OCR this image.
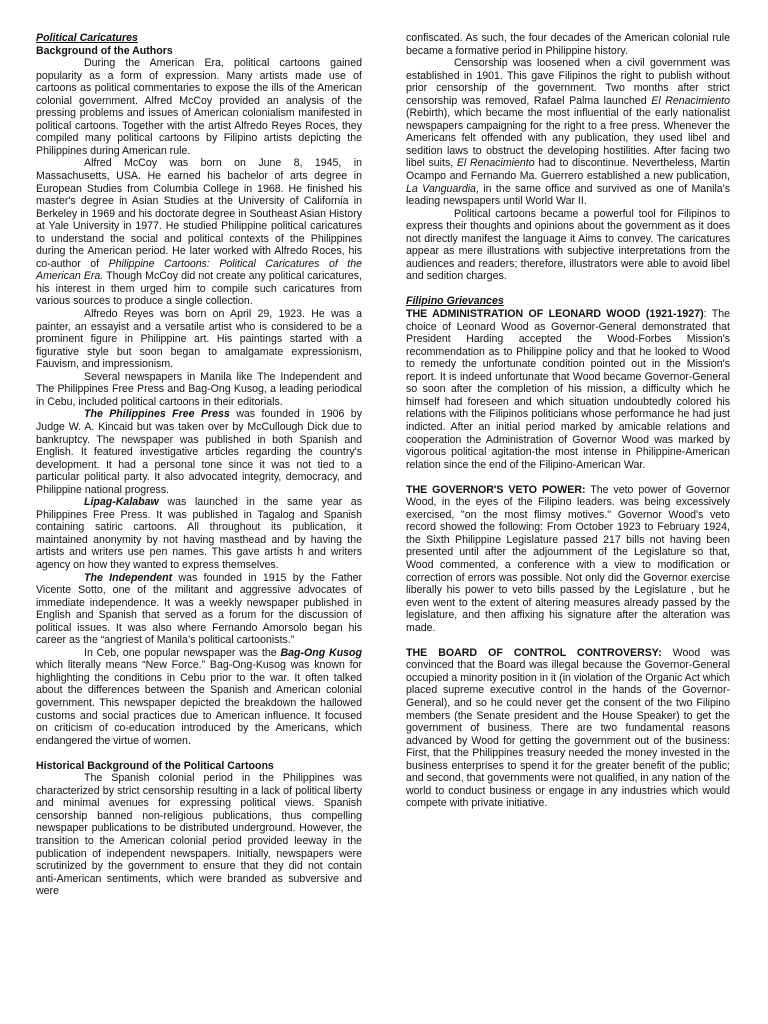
Political Caricatures

Background of the Authors

During the American Era, political cartoons gained popularity as a form of expression. Many artists made use of cartoons as political commentaries to expose the ills of the American colonial government. Alfred McCoy provided an analysis of the pressing problems and issues of American colonialism manifested in political cartoons. Together with the artist Alfredo Reyes Roces, they compiled many political cartoons by Filipino artists depicting the Philippines during American rule.

Alfred McCoy was born on June 8, 1945, in Massachusetts, USA. He earned his bachelor of arts degree in European Studies from Columbia College in 1968. He finished his master's degree in Asian Studies at the University of California in Berkeley in 1969 and his doctorate degree in Southeast Asian History at Yale University in 1977. He studied Philippine political caricatures to understand the social and political contexts of the Philippines during the American period. He later worked with Alfredo Roces, his co-author of Philippine Cartoons: Political Caricatures of the American Era. Though McCoy did not create any political caricatures, his interest in them urged him to compile such caricatures from various sources to produce a single collection.

Alfredo Reyes was born on April 29, 1923. He was a painter, an essayist and a versatile artist who is considered to be a prominent figure in Philippine art. His paintings started with a figurative style but soon began to amalgamate expressionism, Fauvism, and impressionism.

Several newspapers in Manila like The Independent and The Philippines Free Press and Bag-Ong Kusog, a leading periodical in Cebu, included political cartoons in their editorials.

The Philippines Free Press was founded in 1906 by Judge W. A. Kincaid but was taken over by McCullough Dick due to bankruptcy. The newspaper was published in both Spanish and English. It featured investigative articles regarding the country's development. It had a personal tone since it was not tied to a particular political party. It also advocated integrity, democracy, and Philippine national progress.

Lipag-Kalabaw was launched in the same year as Philippines Free Press. It was published in Tagalog and Spanish containing satiric cartoons. All throughout its publication, it maintained anonymity by not having masthead and by having the artists and writers use pen names. This gave artists h and writers agency on how they wanted to express themselves.

The Independent was founded in 1915 by the Father Vicente Sotto, one of the militant and aggressive advocates of immediate independence. It was a weekly newspaper published in English and Spanish that served as a forum for the discussion of political issues. It was also where Fernando Amorsolo began his career as the “angriest of Manila’s political cartoonists.”

In Ceb, one popular newspaper was the Bag-Ong Kusog which literally means “New Force.” Bag-Ong-Kusog was known for highlighting the conditions in Cebu prior to the war. It often talked about the differences between the Spanish and American colonial government. This newspaper depicted the breakdown the hallowed customs and social practices due to American influence. It focused on criticism of co-education introduced by the Americans, which endangered the virtue of women.

Historical Background of the Political Cartoons

The Spanish colonial period in the Philippines was characterized by strict censorship resulting in a lack of political liberty and minimal avenues for expressing political views. Spanish censorship banned non-religious publications, thus compelling newspaper publications to be distributed underground. However, the transition to the American colonial period provided leeway in the publication of independent newspapers. Initially, newspapers were scrutinized by the government to ensure that they did not contain anti-American sentiments, which were branded as subversive and were

confiscated. As such, the four decades of the American colonial rule became a formative period in Philippine history.

Censorship was loosened when a civil government was established in 1901. This gave Filipinos the right to publish without prior censorship of the government. Two months after strict censorship was removed, Rafael Palma launched El Renacimiento (Rebirth), which became the most influential of the early nationalist newspapers campaigning for the right to a free press. Whenever the Americans felt offended with any publication, they used libel and sedition laws to obstruct the developing hostilities. After facing two libel suits, El Renacimiento had to discontinue. Nevertheless, Martin Ocampo and Fernando Ma. Guerrero established a new publication, La Vanguardia, in the same office and survived as one of Manila's leading newspapers until World War II.

Political cartoons became a powerful tool for Filipinos to express their thoughts and opinions about the government as it does not directly manifest the language it Aims to convey. The caricatures appear as mere illustrations with subjective interpretations from the audiences and readers; therefore, illustrators were able to avoid libel and sedition charges.

Filipino Grievances

THE ADMINISTRATION OF LEONARD WOOD (1921-1927): The choice of Leonard Wood as Governor-General demonstrated that President Harding accepted the Wood-Forbes Mission's recommendation as to Philippine policy and that he looked to Wood to remedy the unfortunate condition pointed out in the Mission's report. It is indeed unfortunate that Wood became Governor-General so soon after the completion of his mission, a difficulty which he himself had foreseen and which situation undoubtedly colored his relations with the Filipinos politicians whose performance he had just indicted. After an initial period marked by amicable relations and cooperation the Administration of Governor Wood was marked by vigorous political agitation-the most intense in Philippine-American relation since the end of the Filipino-American War.

THE GOVERNOR'S VETO POWER: The veto power of Governor Wood, in the eyes of the Filipino leaders. was being excessively exercised, "on the most flimsy motives." Governor Wood's veto record showed the following: From October 1923 to February 1924, the Sixth Philippine Legislature passed 217 bills not having been presented until after the adjournment of the Legislature so that, Wood commented, a conference with a view to modification or correction of errors was possible. Not only did the Governor exercise liberally his power to veto bills passed by the Legislature , but he even went to the extent of altering measures already passed by the legislature, and then affixing his signature after the alteration was made.

THE BOARD OF CONTROL CONTROVERSY: Wood was convinced that the Board was illegal because the Governor-General occupied a minority position in it (in violation of the Organic Act which placed supreme executive control in the hands of the Governor-General), and so he could never get the consent of the two Filipino members (the Senate president and the House Speaker) to get the government of business. There are two fundamental reasons advanced by Wood for getting the government out of the business: First, that the Philippines treasury needed the money invested in the business enterprises to spend it for the greater benefit of the public; and second, that governments were not qualified, in any nation of the world to conduct business or engage in any industries which would compete with private initiative.
